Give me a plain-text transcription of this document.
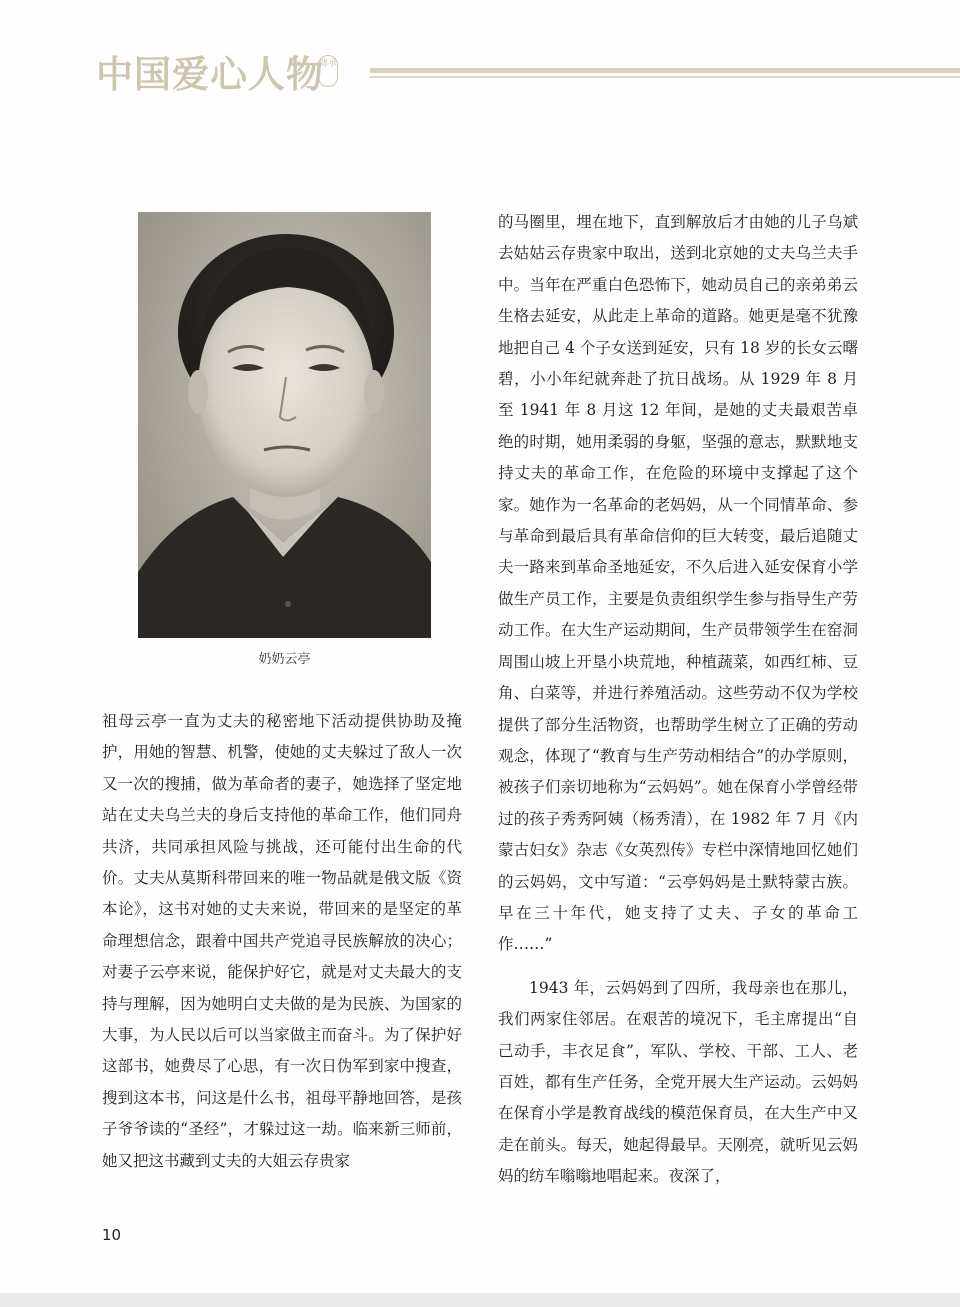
中国爱心人物
傳承
奶奶云亭

祖母云亭一直为丈夫的秘密地下活动提供协助及掩护，用她的智慧、机警，使她的丈夫躲过了敌人一次又一次的搜捕，做为革命者的妻子，她选择了坚定地站在丈夫乌兰夫的身后支持他的革命工作，他们同舟共济，共同承担风险与挑战，还可能付出生命的代价。丈夫从莫斯科带回来的唯一物品就是俄文版《资本论》，这书对她的丈夫来说，带回来的是坚定的革命理想信念，跟着中国共产党追寻民族解放的决心；对妻子云亭来说，能保护好它，就是对丈夫最大的支持与理解，因为她明白丈夫做的是为民族、为国家的大事，为人民以后可以当家做主而奋斗。为了保护好这部书，她费尽了心思，有一次日伪军到家中搜查，搜到这本书，问这是什么书，祖母平静地回答，是孩子爷爷读的“圣经”，才躲过这一劫。临来新三师前，她又把这书藏到丈夫的大姐云存贵家

的马圈里，埋在地下，直到解放后才由她的儿子乌斌去姑姑云存贵家中取出，送到北京她的丈夫乌兰夫手中。当年在严重白色恐怖下，她动员自己的亲弟弟云生格去延安，从此走上革命的道路。她更是毫不犹豫地把自己 4 个子女送到延安，只有 18 岁的长女云曙碧，小小年纪就奔赴了抗日战场。从 1929 年 8 月至 1941 年 8 月这 12 年间，是她的丈夫最艰苦卓绝的时期，她用柔弱的身躯，坚强的意志，默默地支持丈夫的革命工作，在危险的环境中支撑起了这个家。她作为一名革命的老妈妈，从一个同情革命、参与革命到最后具有革命信仰的巨大转变，最后追随丈夫一路来到革命圣地延安，不久后进入延安保育小学做生产员工作，主要是负责组织学生参与指导生产劳动工作。在大生产运动期间，生产员带领学生在窑洞周围山坡上开垦小块荒地，种植蔬菜，如西红柿、豆角、白菜等，并进行养殖活动。这些劳动不仅为学校提供了部分生活物资，也帮助学生树立了正确的劳动观念，体现了“教育与生产劳动相结合”的办学原则，被孩子们亲切地称为“云妈妈”。她在保育小学曾经带过的孩子秀秀阿姨（杨秀清），在 1982 年 7 月《内蒙古妇女》杂志《女英烈传》专栏中深情地回忆她们的云妈妈，文中写道：“云亭妈妈是土默特蒙古族。早在三十年代，她支持了丈夫、子女的革命工作……”

1943 年，云妈妈到了四所，我母亲也在那儿，我们两家住邻居。在艰苦的境况下，毛主席提出“自己动手，丰衣足食”，军队、学校、干部、工人、老百姓，都有生产任务，全党开展大生产运动。云妈妈在保育小学是教育战线的模范保育员，在大生产中又走在前头。每天，她起得最早。天刚亮，就听见云妈妈的纺车嗡嗡地唱起来。夜深了，

10
